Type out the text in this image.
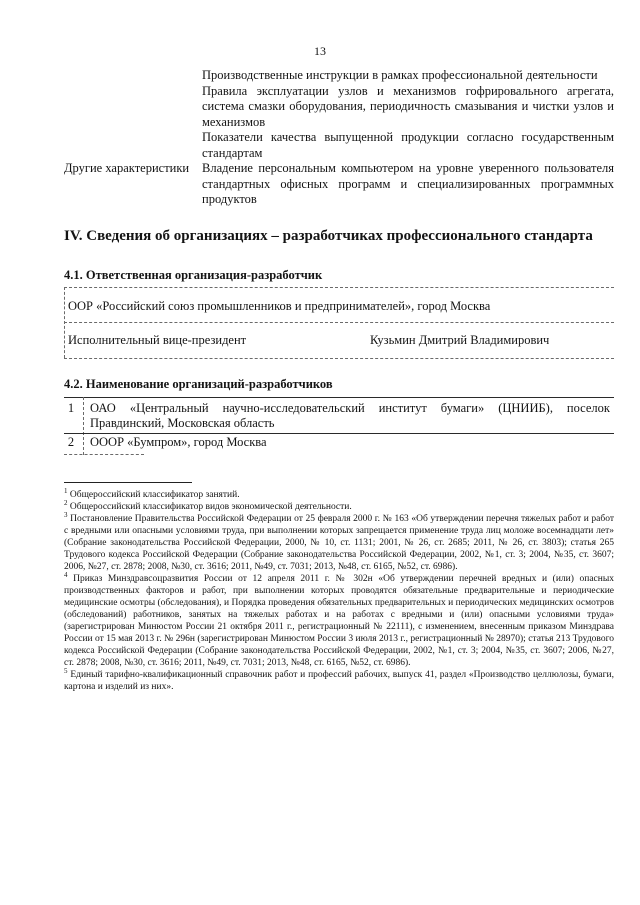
13

Производственные инструкции в рамках профессиональной деятельности

Правила эксплуатации узлов и механизмов гофрировального агрегата, система смазки оборудования, периодичность смазывания и чистки узлов и механизмов

Показатели качества выпущенной продукции согласно государственным стандартам

Другие характеристики	Владение персональным компьютером на уровне уверенного пользователя стандартных офисных программ и специализированных программных продуктов
IV. Сведения об организациях – разработчиках профессионального стандарта
4.1. Ответственная организация-разработчик
ООР «Российский союз промышленников и предпринимателей», город Москва
Исполнительный вице-президент	Кузьмин Дмитрий Владимирович
4.2. Наименование организаций-разработчиков
1	ОАО «Центральный научно-исследовательский институт бумаги» (ЦНИИБ), поселок Правдинский, Московская область
2	ОООР «Бумпром», город Москва

$^1$ Общероссийский классификатор занятий.

$^2$ Общероссийский классификатор видов экономической деятельности.

$^3$ Постановление Правительства Российской Федерации от 25 февраля 2000 г. № 163 «Об утверждении перечня тяжелых работ и работ с вредными или опасными условиями труда, при выполнении которых запрещается применение труда лиц моложе восемнадцати лет» (Собрание законодательства Российской Федерации, 2000, № 10, ст. 1131; 2001, № 26, ст. 2685; 2011, № 26, ст. 3803); статья 265 Трудового кодекса Российской Федерации (Собрание законодательства Российской Федерации, 2002, №1, ст. 3; 2004, №35, ст. 3607; 2006, №27, ст. 2878; 2008, №30, ст. 3616; 2011, №49, ст. 7031; 2013, №48, ст. 6165, №52, ст. 6986).

$^4$ Приказ Минздравсоцразвития России от 12 апреля 2011 г. № 302н «Об утверждении перечней вредных и (или) опасных производственных факторов и работ, при выполнении которых проводятся обязательные предварительные и периодические медицинские осмотры (обследования), и Порядка проведения обязательных предварительных и периодических медицинских осмотров (обследований) работников, занятых на тяжелых работах и на работах с вредными и (или) опасными условиями труда» (зарегистрирован Минюстом России 21 октября 2011 г., регистрационный № 22111), с изменением, внесенным приказом Минздрава России от 15 мая 2013 г. № 296н (зарегистрирован Минюстом России 3 июля 2013 г., регистрационный № 28970); статья 213 Трудового кодекса Российской Федерации (Собрание законодательства Российской Федерации, 2002, №1, ст. 3; 2004, №35, ст. 3607; 2006, №27, ст. 2878; 2008, №30, ст. 3616; 2011, №49, ст. 7031; 2013, №48, ст. 6165, №52, ст. 6986).

$^5$ Единый тарифно-квалификационный справочник работ и профессий рабочих, выпуск 41, раздел «Производство целлюлозы, бумаги, картона и изделий из них».
